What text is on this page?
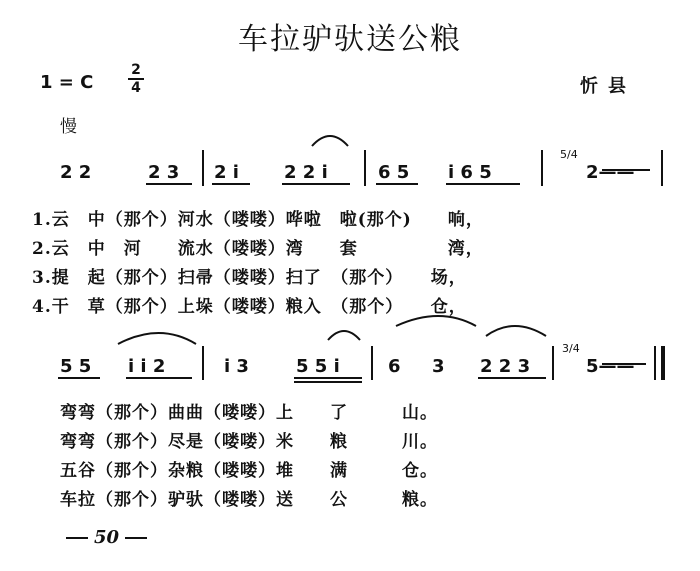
车拉驴驮送公粮
1 = C $\frac{2}{4}$	忻县
慢
2 2	2 3 2 i	2 2 i	6 5 i 6 5	2——
5 5 i i 2	i 3	5 5 i	6 3 2 2 3	5——
5/4
3/4
1.云　中（那个）河水（喽喽）哗啦　啦(那个)　　响，
2.云　中　河　　流水（喽喽）湾　　套　　　　　湾，
3.提　起（那个）扫帚（喽喽）扫了　（那个）　　场，
4.干　草（那个）上垛（喽喽）粮入　（那个）　　仓，
弯弯（那个）曲曲（喽喽）上　　了　　　山。
弯弯（那个）尽是（喽喽）米　　粮　　　川。
五谷（那个）杂粮（喽喽）堆　　满　　　仓。
车拉（那个）驴驮（喽喽）送　　公　　　粮。
50
